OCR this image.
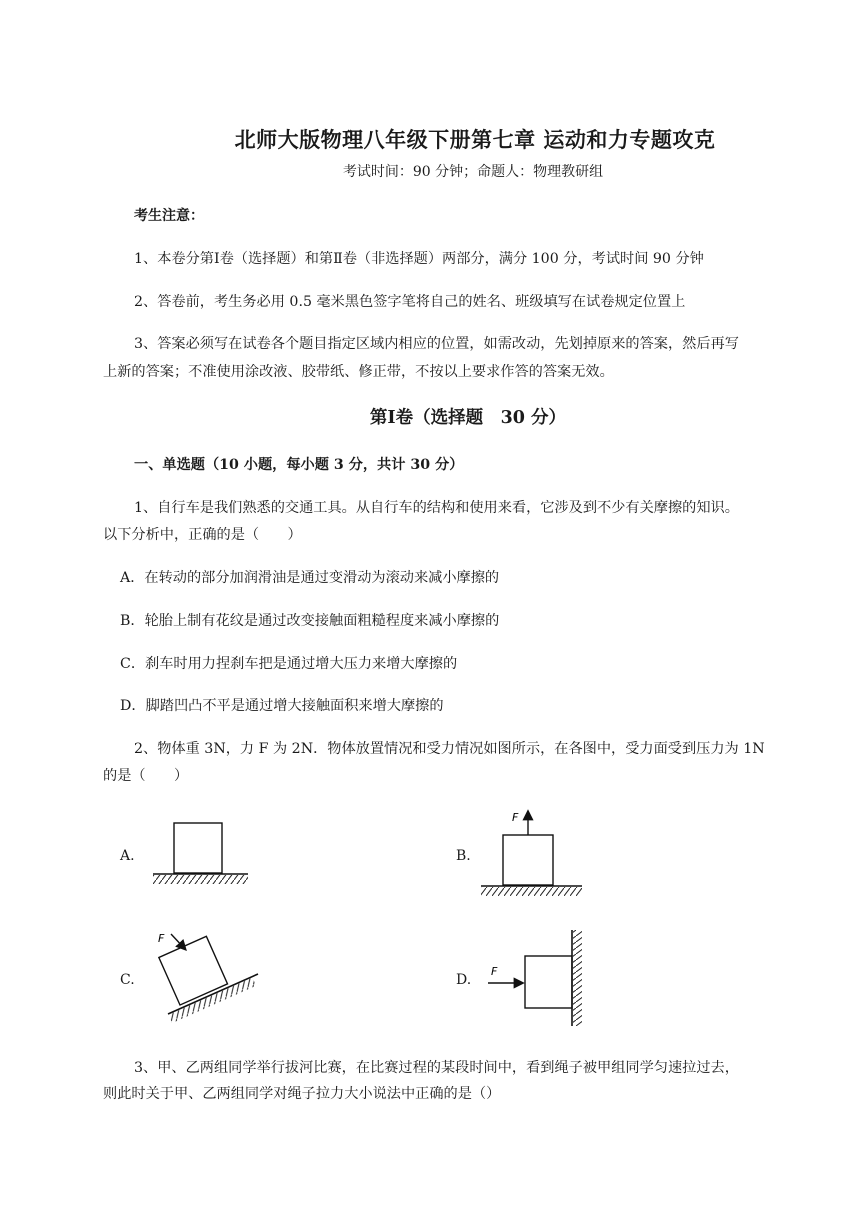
北师大版物理八年级下册第七章 运动和力专题攻克
考试时间：90 分钟；命题人：物理教研组
考生注意：
1、本卷分第Ⅰ卷（选择题）和第Ⅱ卷（非选择题）两部分，满分 100 分，考试时间 90 分钟
2、答卷前，考生务必用 0.5 毫米黑色签字笔将自己的姓名、班级填写在试卷规定位置上
3、答案必须写在试卷各个题目指定区域内相应的位置，如需改动，先划掉原来的答案，然后再写
上新的答案；不准使用涂改液、胶带纸、修正带，不按以上要求作答的答案无效。
第Ⅰ卷（选择题　30 分）
一、单选题（10 小题，每小题 3 分，共计 30 分）
1、自行车是我们熟悉的交通工具。从自行车的结构和使用来看，它涉及到不少有关摩擦的知识。
以下分析中，正确的是（　　）
A．在转动的部分加润滑油是通过变滑动为滚动来减小摩擦的
B．轮胎上制有花纹是通过改变接触面粗糙程度来减小摩擦的
C．刹车时用力捏刹车把是通过增大压力来增大摩擦的
D．脚踏凹凸不平是通过增大接触面积来增大摩擦的
2、物体重 3N，力 F 为 2N．物体放置情况和受力情况如图所示，在各图中，受力面受到压力为 1N
的是（　　）
A.	B.
C.	D.
F
F
F
3、甲、乙两组同学举行拔河比赛，在比赛过程的某段时间中，看到绳子被甲组同学匀速拉过去，
则此时关于甲、乙两组同学对绳子拉力大小说法中正确的是（）
